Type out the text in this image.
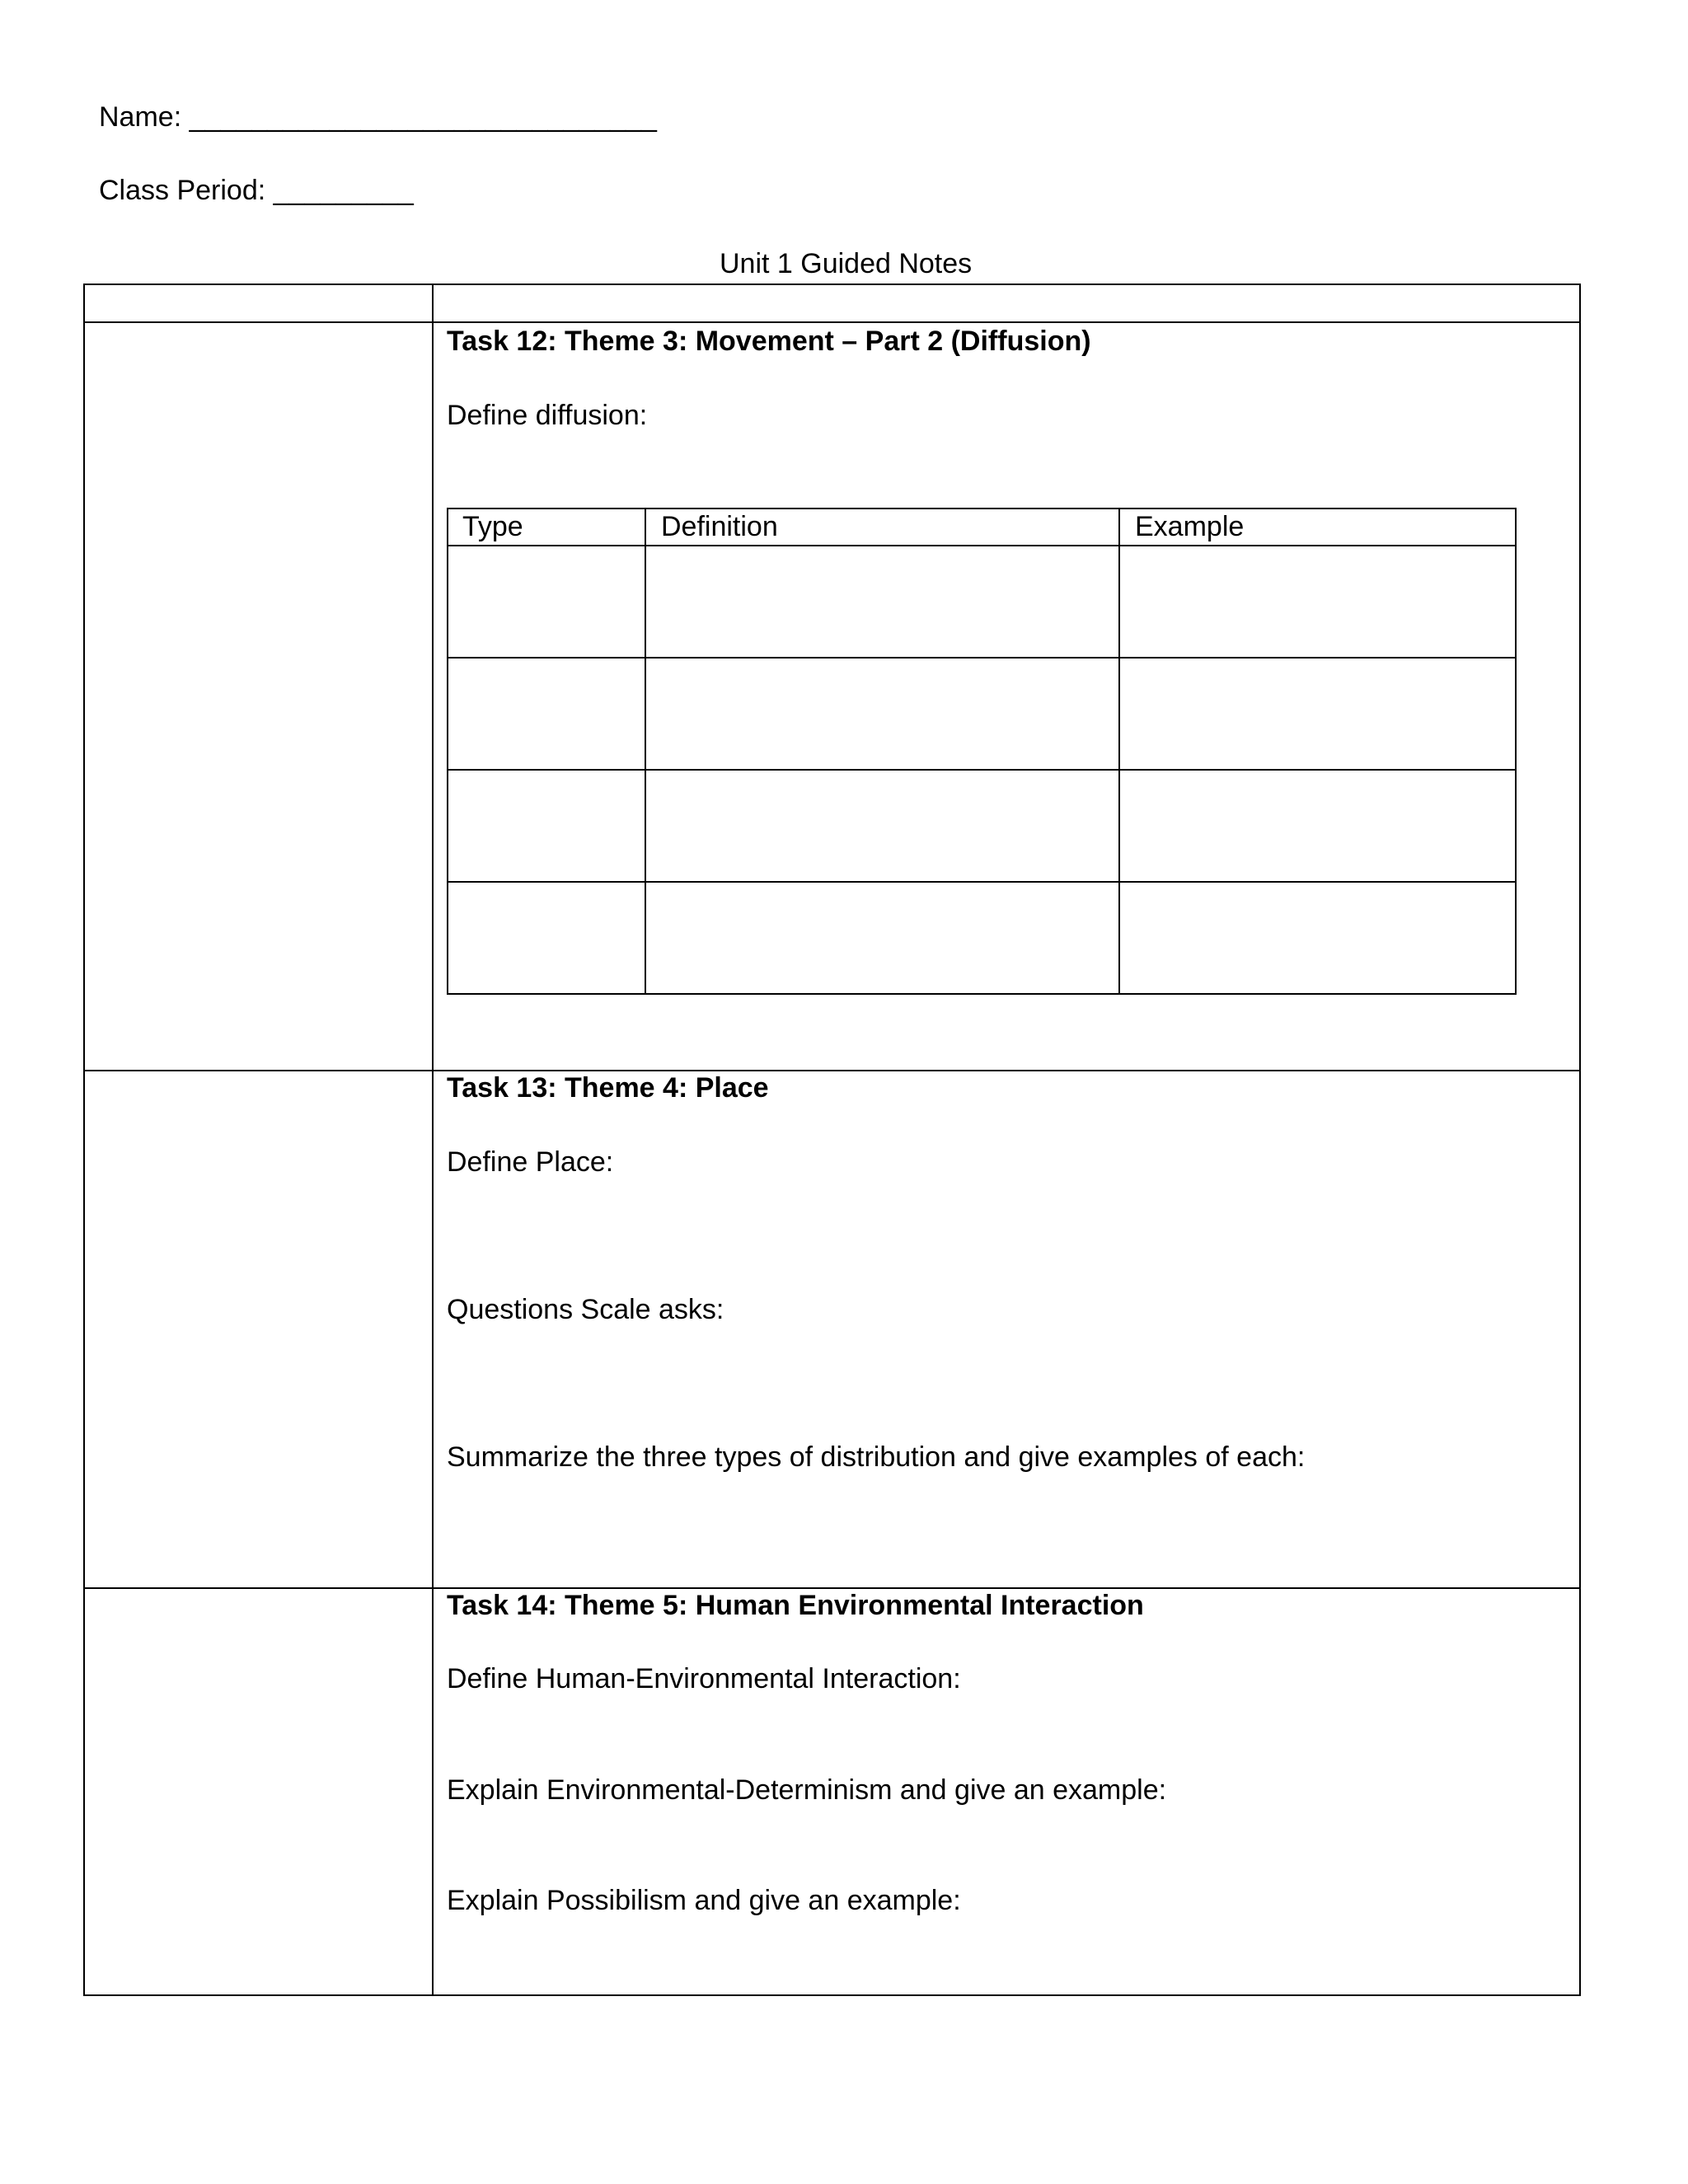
Name: ______________________________
Class Period: _________
Unit 1 Guided Notes
Task 12: Theme 3: Movement – Part 2 (Diffusion)
Define diffusion:
Type	Definition	Example
Task 13: Theme 4: Place
Define Place:
Questions Scale asks:
Summarize the three types of distribution and give examples of each:
Task 14: Theme 5: Human Environmental Interaction
Define Human-Environmental Interaction:
Explain Environmental-Determinism and give an example:
Explain Possibilism and give an example:
